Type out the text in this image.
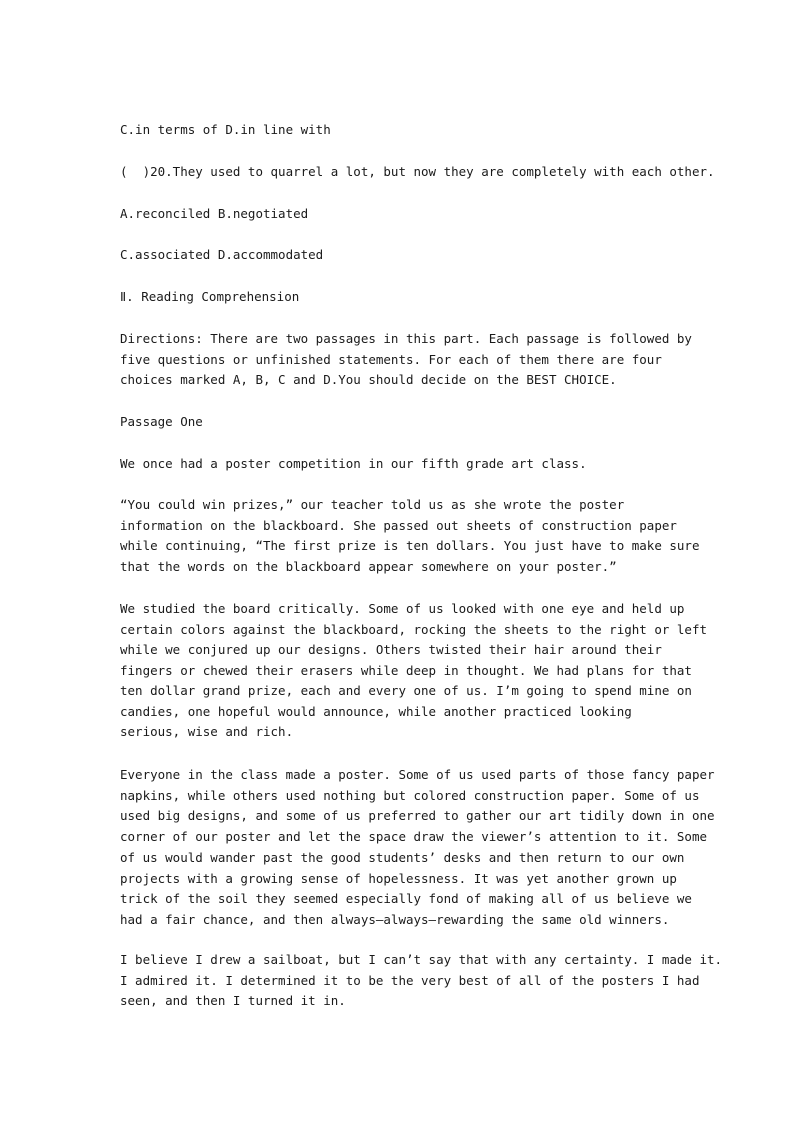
C.in terms of D.in line with
(  )20.They used to quarrel a lot, but now they are completely with each other.
A.reconciled B.negotiated
C.associated D.accommodated
Ⅱ. Reading Comprehension
Directions: There are two passages in this part. Each passage is followed by
five questions or unfinished statements. For each of them there are four
choices marked A, B, C and D.You should decide on the BEST CHOICE.
Passage One
We once had a poster competition in our fifth grade art class.
“You could win prizes,” our teacher told us as she wrote the poster
information on the blackboard. She passed out sheets of construction paper
while continuing, “The first prize is ten dollars. You just have to make sure
that the words on the blackboard appear somewhere on your poster.”
We studied the board critically. Some of us looked with one eye and held up
certain colors against the blackboard, rocking the sheets to the right or left
while we conjured up our designs. Others twisted their hair around their
fingers or chewed their erasers while deep in thought. We had plans for that
ten dollar grand prize, each and every one of us. I’m going to spend mine on
candies, one hopeful would announce, while another practiced looking
serious, wise and rich.
Everyone in the class made a poster. Some of us used parts of those fancy paper
napkins, while others used nothing but colored construction paper. Some of us
used big designs, and some of us preferred to gather our art tidily down in one
corner of our poster and let the space draw the viewer’s attention to it. Some
of us would wander past the good students’ desks and then return to our own
projects with a growing sense of hopelessness. It was yet another grown up
trick of the soil they seemed especially fond of making all of us believe we
had a fair chance, and then always—always—rewarding the same old winners.
I believe I drew a sailboat, but I can’t say that with any certainty. I made it.
I admired it. I determined it to be the very best of all of the posters I had
seen, and then I turned it in.
